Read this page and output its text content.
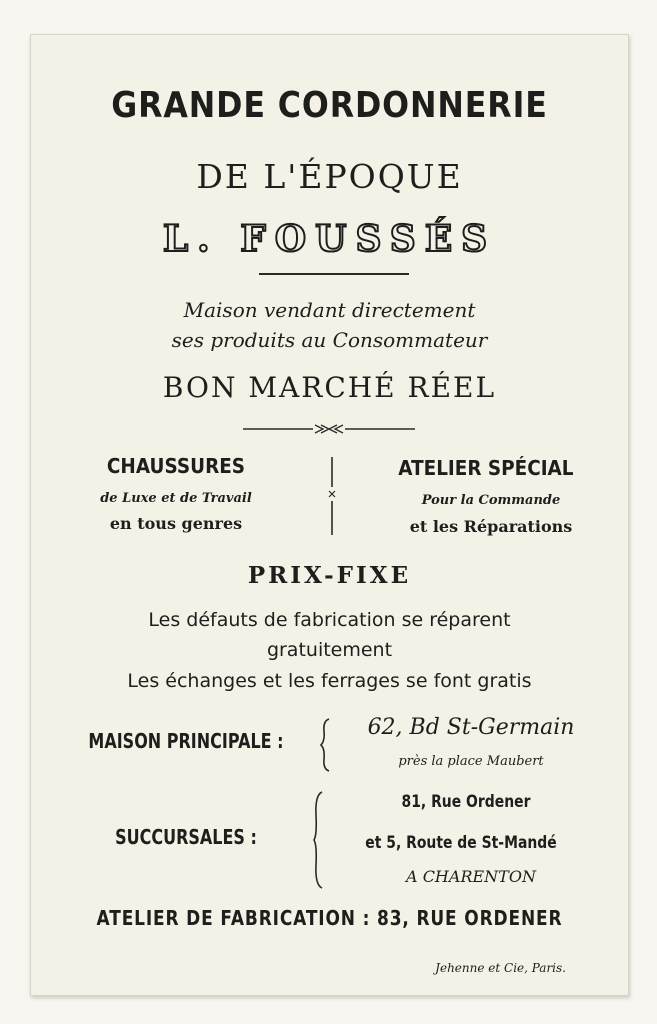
GRANDE CORDONNERIE
DE L'ÉPOQUE
L. FOUSSÉS
Maison vendant directement
ses produits au Consommateur
BON MARCHÉ RÉEL
CHAUSSURES
de Luxe et de Travail
en tous genres
ATELIER SPÉCIAL
Pour la Commande
et les Réparations
PRIX-FIXE
Les défauts de fabrication se réparent
gratuitement
Les échanges et les ferrages se font gratis
MAISON PRINCIPALE :
62, Bd St-Germain
près la place Maubert
SUCCURSALES :
81, Rue Ordener
et 5, Route de St-Mandé
A CHARENTON
ATELIER DE FABRICATION : 83, RUE ORDENER
Jehenne et Cie, Paris.
